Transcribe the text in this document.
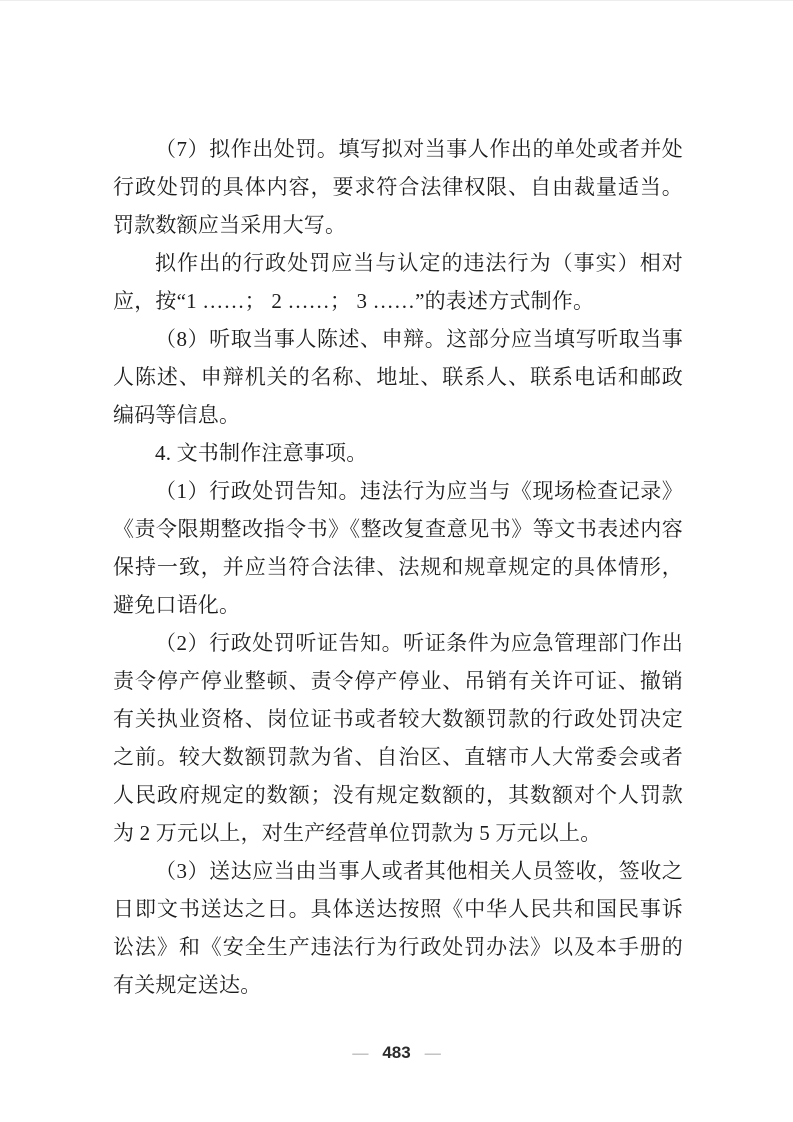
（7）拟作出处罚。填写拟对当事人作出的单处或者并处行政处罚的具体内容，要求符合法律权限、自由裁量适当。罚款数额应当采用大写。

拟作出的行政处罚应当与认定的违法行为（事实）相对应，按“1 ……； 2 ……； 3 ……”的表述方式制作。

（8）听取当事人陈述、申辩。这部分应当填写听取当事人陈述、申辩机关的名称、地址、联系人、联系电话和邮政编码等信息。

4. 文书制作注意事项。

（1）行政处罚告知。违法行为应当与《现场检查记录》《责令限期整改指令书》《整改复查意见书》等文书表述内容保持一致，并应当符合法律、法规和规章规定的具体情形，避免口语化。

（2）行政处罚听证告知。听证条件为应急管理部门作出责令停产停业整顿、责令停产停业、吊销有关许可证、撤销有关执业资格、岗位证书或者较大数额罚款的行政处罚决定之前。较大数额罚款为省、自治区、直辖市人大常委会或者人民政府规定的数额；没有规定数额的，其数额对个人罚款为 2 万元以上，对生产经营单位罚款为 5 万元以上。

（3）送达应当由当事人或者其他相关人员签收，签收之日即文书送达之日。具体送达按照《中华人民共和国民事诉讼法》和《安全生产违法行为行政处罚办法》以及本手册的有关规定送达。

— 483 —
